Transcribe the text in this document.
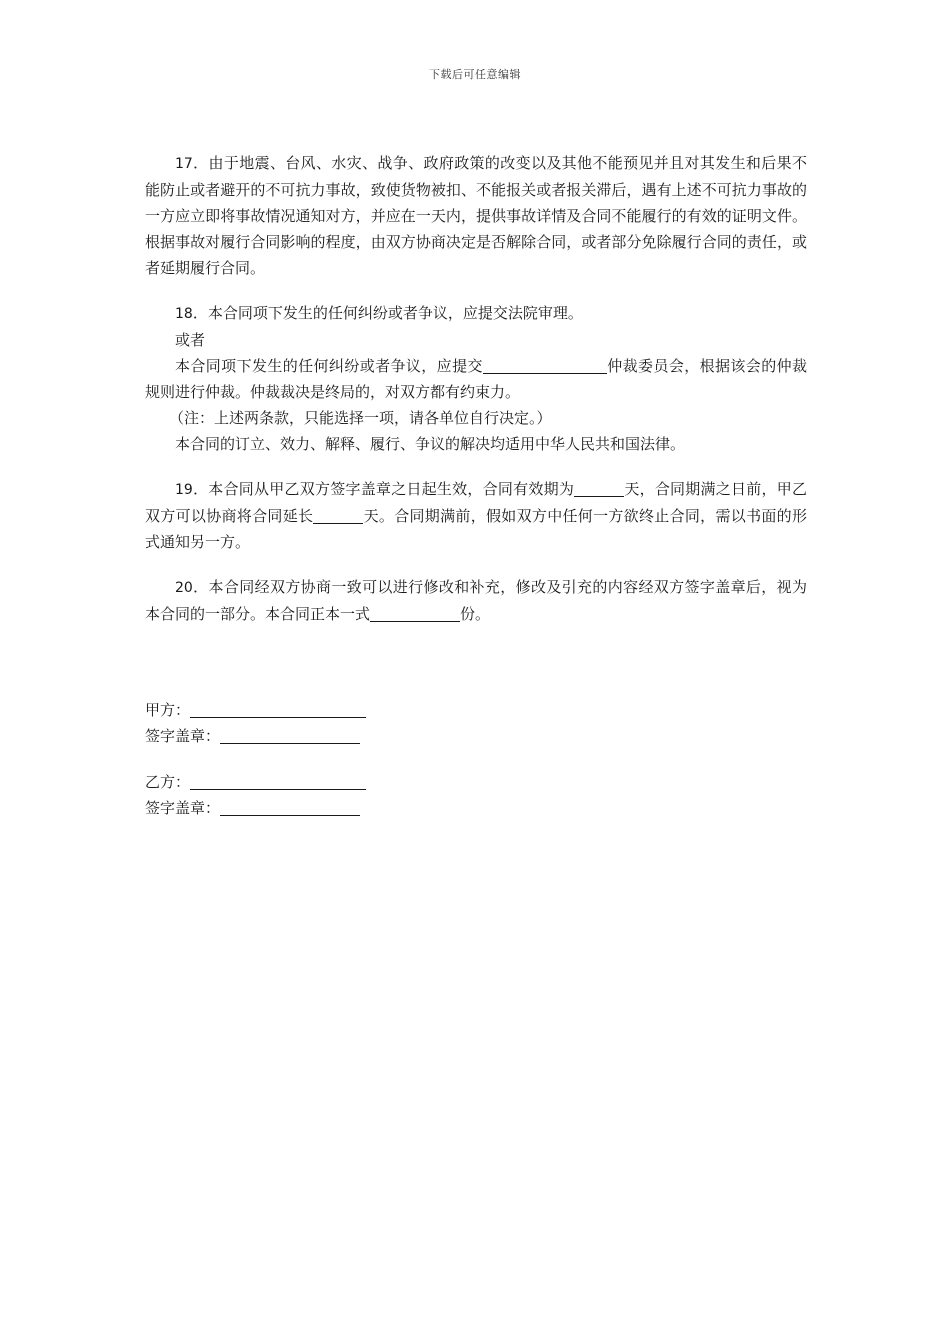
下载后可任意编辑

17．由于地震、台风、水灾、战争、政府政策的改变以及其他不能预见并且对其发生和后果不能防止或者避开的不可抗力事故，致使货物被扣、不能报关或者报关滞后，遇有上述不可抗力事故的一方应立即将事故情况通知对方，并应在一天内，提供事故详情及合同不能履行的有效的证明文件。根据事故对履行合同影响的程度，由双方协商决定是否解除合同，或者部分免除履行合同的责任，或者延期履行合同。

18．本合同项下发生的任何纠纷或者争议，应提交法院审理。

或者

本合同项下发生的任何纠纷或者争议，应提交	仲裁委员会，根据该会的仲裁规则进行仲裁。仲裁裁决是终局的，对双方都有约束力。

（注：上述两条款，只能选择一项，请各单位自行决定。）

本合同的订立、效力、解释、履行、争议的解决均适用中华人民共和国法律。

19．本合同从甲乙双方签字盖章之日起生效，合同有效期为	天，合同期满之日前，甲乙双方可以协商将合同延长	天。合同期满前，假如双方中任何一方欲终止合同，需以书面的形式通知另一方。

20．本合同经双方协商一致可以进行修改和补充，修改及引充的内容经双方签字盖章后，视为本合同的一部分。本合同正本一式	份。

甲方：

签字盖章：

乙方：

签字盖章：
